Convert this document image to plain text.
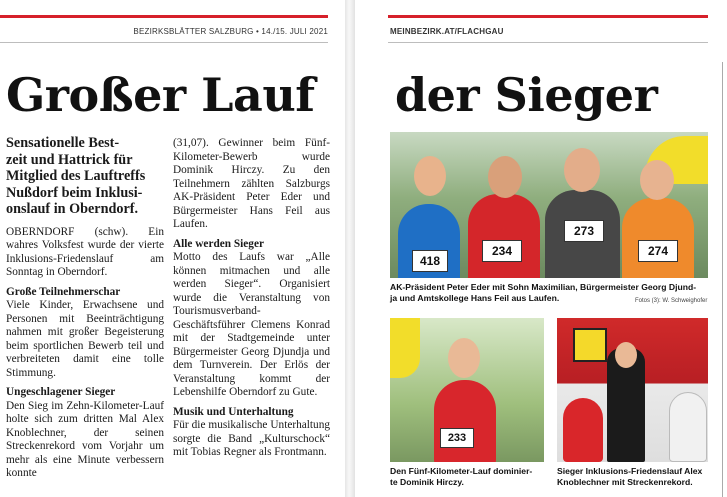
BEZIRKSBLÄTTER SALZBURG • 14./15. JULI 2021
Großer Lauf
Sensationelle Best-
zeit und Hattrick für
Mitglied des Lauftreffs
Nußdorf beim Inklusi-
onslauf in Oberndorf.
OBERNDORF (schw). Ein wahres Volksfest wurde der vierte Inklusions-Friedenslauf am Sonntag in Oberndorf.
Große Teilnehmerschar
Viele Kinder, Erwachsene und Personen mit Beeinträchtigung nahmen mit großer Begeisterung beim sportlichen Bewerb teil und verbreiteten damit eine tolle Stimmung.
Ungeschlagener Sieger
Den Sieg im Zehn-Kilometer-Lauf holte sich zum dritten Mal Alex Knoblechner, der seinen Streckenrekord vom Vorjahr um mehr als eine Minute verbessern konnte
(31,07). Gewinner beim Fünf-Kilometer-Bewerb wurde Dominik Hirczy. Zu den Teilnehmern zählten Salzburgs AK-Präsident Peter Eder und Bürgermeister Hans Feil aus Laufen.
Alle werden Sieger
Motto des Laufs war „Alle können mitmachen und alle werden Sieger“. Organisiert wurde die Veranstaltung von Tourismusverband-Geschäftsführer Clemens Konrad mit der Stadtgemeinde unter Bürgermeister Georg Djundja und dem Turnverein. Der Erlös der Veranstaltung kommt der Lebenshilfe Oberndorf zu Gute.
Musik und Unterhaltung
Für die musikalische Unterhaltung sorgte die Band „Kulturschock“ mit Tobias Regner als Frontmann.
MEINBEZIRK.AT/FLACHGAU
der Sieger
418
234
273
274
AK-Präsident Peter Eder mit Sohn Maximilian, Bürgermeister Georg Djund-
ja und Amtskollege Hans Feil aus Laufen.	Fotos (3): W. Schweighofer
233
Den Fünf-Kilometer-Lauf dominier-
te Dominik Hirczy.
Sieger Inklusions-Friedenslauf Alex
Knoblechner mit Streckenrekord.
